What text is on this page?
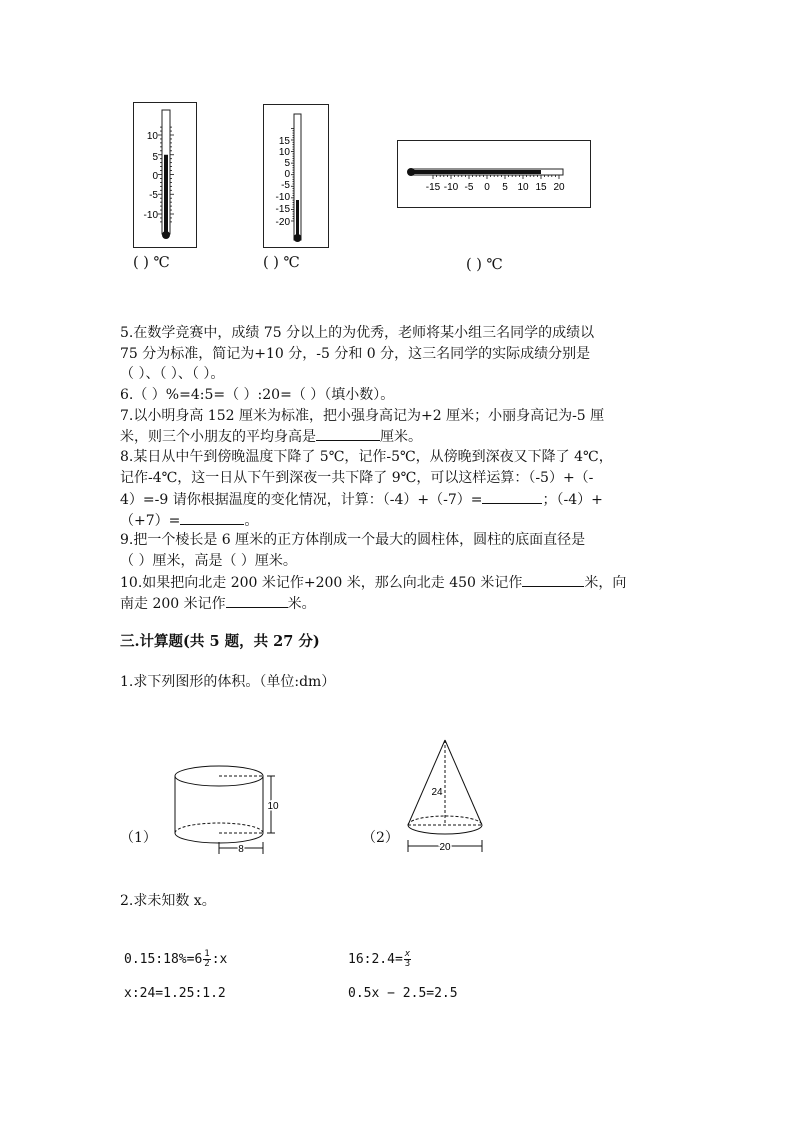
10
5
0
-5
-10
( ) ℃
15
10
5
0
-5
-10
-15
-20
( ) ℃
-15 -10 -5 0 5 10 15 20
( ) ℃
5.在数学竞赛中，成绩 75 分以上的为优秀，老师将某小组三名同学的成绩以
75 分为标准，简记为+10 分，-5 分和 0 分，这三名同学的实际成绩分别是
（ ）、（ ）、（ ）。
6.（ ）%=4:5=（ ）:20=（ ）（填小数）。
7.以小明身高 152 厘米为标准，把小强身高记为+2 厘米；小丽身高记为-5 厘
米，则三个小朋友的平均身高是	厘米。
8.某日从中午到傍晚温度下降了 5℃，记作-5℃，从傍晚到深夜又下降了 4℃，
记作-4℃，这一日从下午到深夜一共下降了 9℃，可以这样运算：（-5）+（-
4）=-9 请你根据温度的变化情况，计算：（-4）+（-7）=	；（-4）+
（+7）=	。
9.把一个棱长是 6 厘米的正方体削成一个最大的圆柱体，圆柱的底面直径是
（ ）厘米，高是（ ）厘米。
10.如果把向北走 200 米记作+200 米，那么向北走 450 米记作	米，向
南走 200 米记作	米。
三.计算题(共 5 题，共 27 分)
1.求下列图形的体积。（单位:dm）
（1）
10
8
（2）
24
20
2.求未知数 x。
0.15:18%=6 $\frac{1}{2}$ :x	16:2.4= $\frac{x}{3}$
x:24=1.25:1.2	0.5x − 2.5=2.5
